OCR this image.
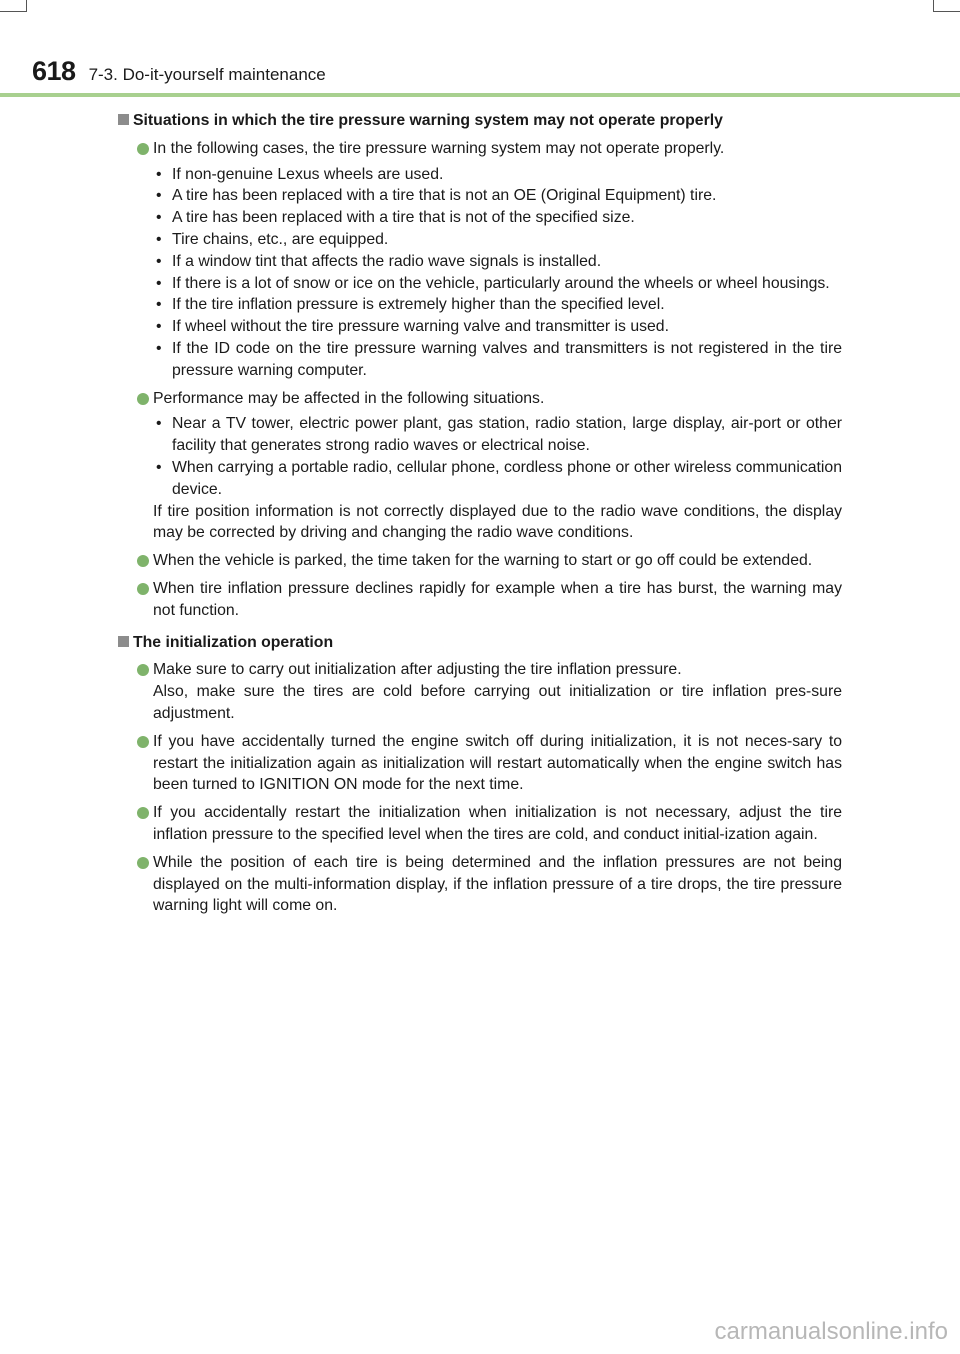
618 7-3. Do-it-yourself maintenance
Situations in which the tire pressure warning system may not operate properly
In the following cases, the tire pressure warning system may not operate properly.
• If non-genuine Lexus wheels are used.
• A tire has been replaced with a tire that is not an OE (Original Equipment) tire.
• A tire has been replaced with a tire that is not of the specified size.
• Tire chains, etc., are equipped.
• If a window tint that affects the radio wave signals is installed.
• If there is a lot of snow or ice on the vehicle, particularly around the wheels or wheel housings.
• If the tire inflation pressure is extremely higher than the specified level.
• If wheel without the tire pressure warning valve and transmitter is used.
• If the ID code on the tire pressure warning valves and transmitters is not registered in the tire pressure warning computer.
Performance may be affected in the following situations.
• Near a TV tower, electric power plant, gas station, radio station, large display, air-port or other facility that generates strong radio waves or electrical noise.
• When carrying a portable radio, cellular phone, cordless phone or other wireless communication device.
If tire position information is not correctly displayed due to the radio wave conditions, the display may be corrected by driving and changing the radio wave conditions.
When the vehicle is parked, the time taken for the warning to start or go off could be extended.
When tire inflation pressure declines rapidly for example when a tire has burst, the warning may not function.
The initialization operation
Make sure to carry out initialization after adjusting the tire inflation pressure.
Also, make sure the tires are cold before carrying out initialization or tire inflation pres-sure adjustment.
If you have accidentally turned the engine switch off during initialization, it is not neces-sary to restart the initialization again as initialization will restart automatically when the engine switch has been turned to IGNITION ON mode for the next time.
If you accidentally restart the initialization when initialization is not necessary, adjust the tire inflation pressure to the specified level when the tires are cold, and conduct initial-ization again.
While the position of each tire is being determined and the inflation pressures are not being displayed on the multi-information display, if the inflation pressure of a tire drops, the tire pressure warning light will come on.
carmanualsonline.info
